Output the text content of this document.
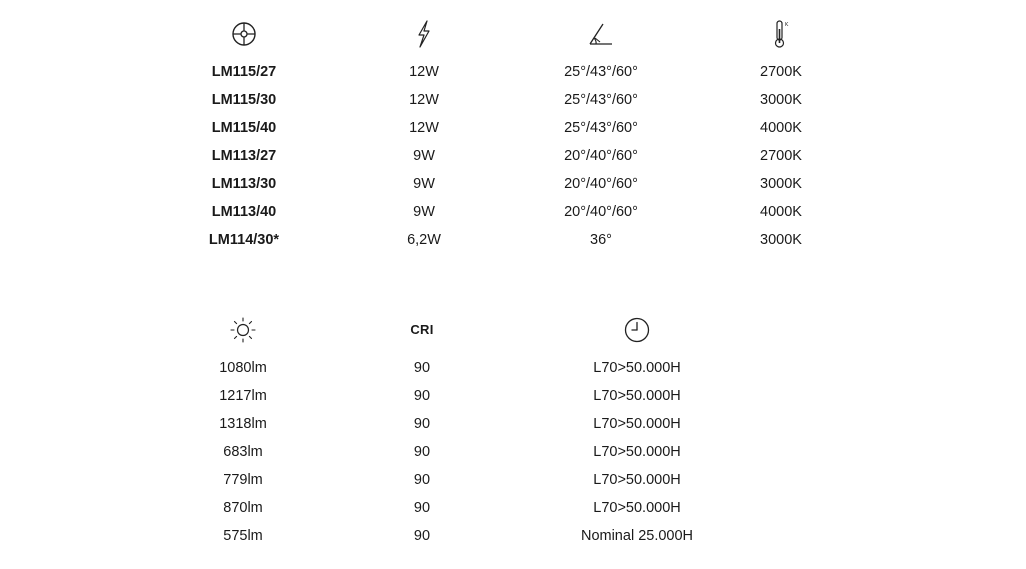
K
LM115/27	12W	25°/43°/60°	2700K
LM115/30	12W	25°/43°/60°	3000K
LM115/40	12W	25°/43°/60°	4000K
LM113/27	9W	20°/40°/60°	2700K
LM113/30	9W	20°/40°/60°	3000K
LM113/40	9W	20°/40°/60°	4000K
LM114/30*	6,2W	36°	3000K
CRI
1080lm	90	L70>50.000H
1217lm	90	L70>50.000H
1318lm	90	L70>50.000H
683lm	90	L70>50.000H
779lm	90	L70>50.000H
870lm	90	L70>50.000H
575lm	90	Nominal 25.000H
